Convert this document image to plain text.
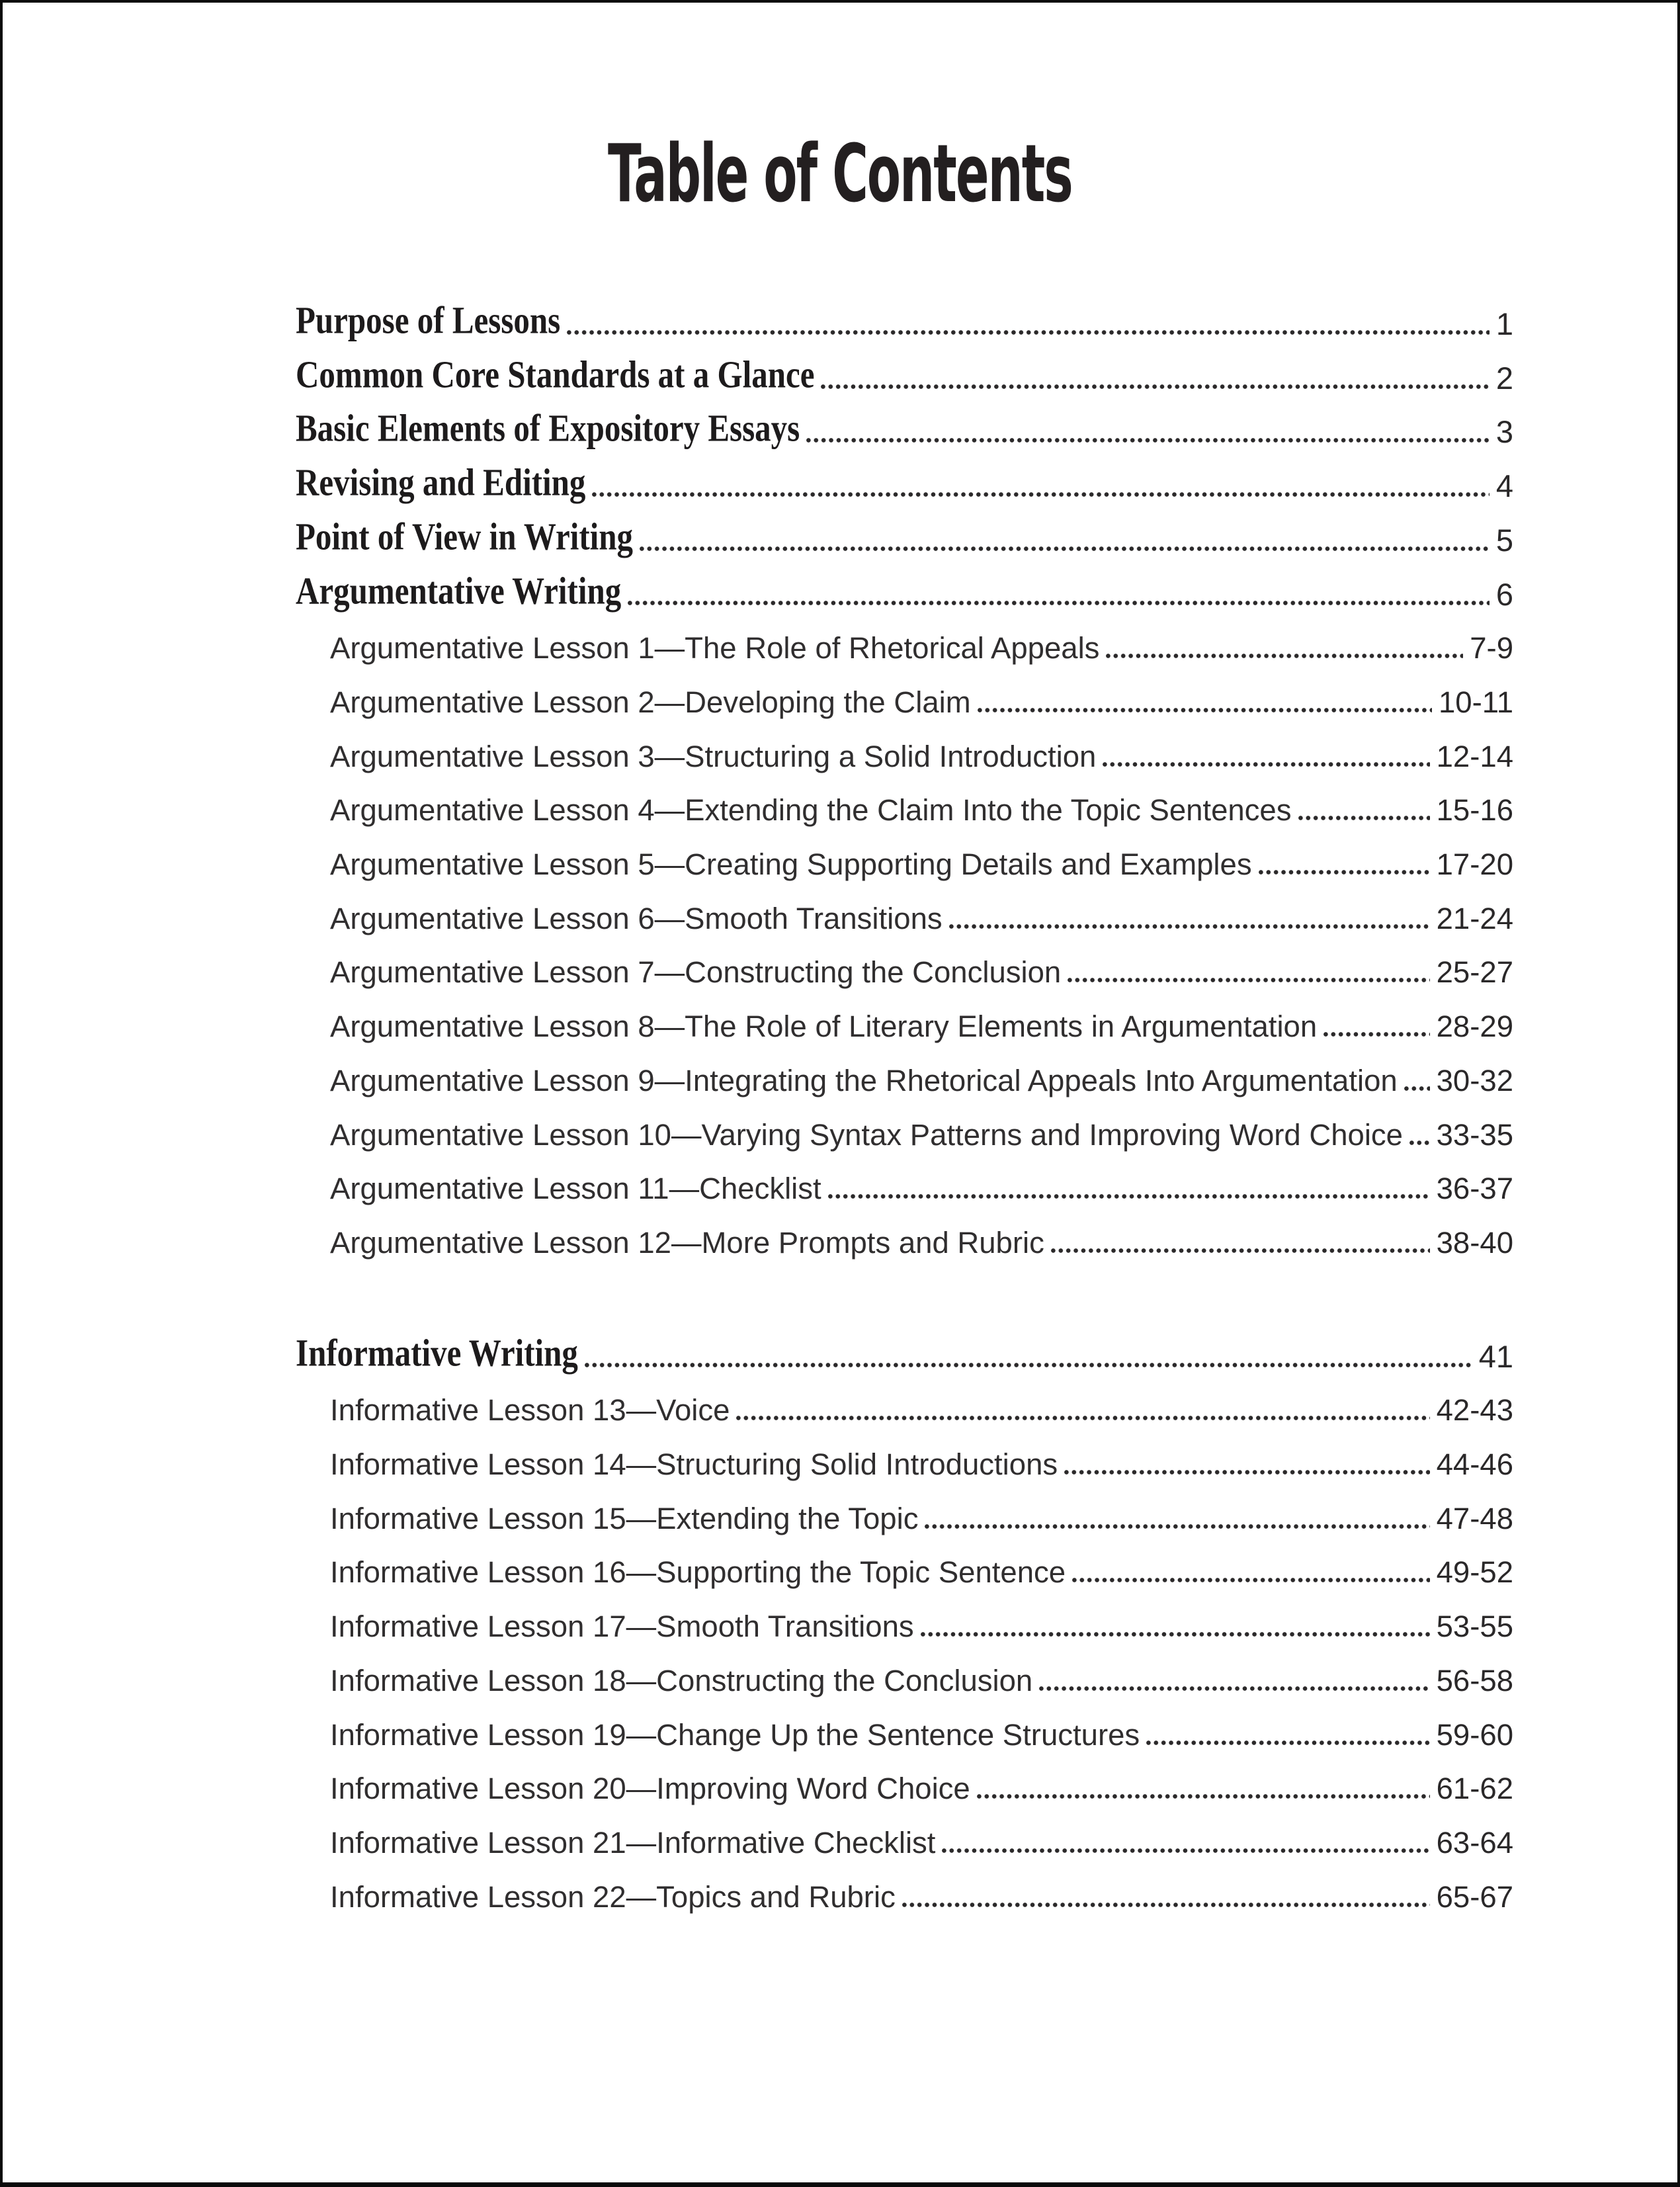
Table of Contents
Purpose of Lessons	1
Common Core Standards at a Glance	2
Basic Elements of Expository Essays	3
Revising and Editing	4
Point of View in Writing	5
Argumentative Writing	6
Argumentative Lesson 1—The Role of Rhetorical Appeals	7-9
Argumentative Lesson 2—Developing the Claim	10-11
Argumentative Lesson 3—Structuring a Solid Introduction	12-14
Argumentative Lesson 4—Extending the Claim Into the Topic Sentences	15-16
Argumentative Lesson 5—Creating Supporting Details and Examples	17-20
Argumentative Lesson 6—Smooth Transitions	21-24
Argumentative Lesson 7—Constructing the Conclusion	25-27
Argumentative Lesson 8—The Role of Literary Elements in Argumentation	28-29
Argumentative Lesson 9—Integrating the Rhetorical Appeals Into Argumentation 30-32
Argumentative Lesson 10—Varying Syntax Patterns and Improving Word Choice 33-35
Argumentative Lesson 11—Checklist	36-37
Argumentative Lesson 12—More Prompts and Rubric	38-40
Informative Writing	41
Informative Lesson 13—Voice	42-43
Informative Lesson 14—Structuring Solid Introductions	44-46
Informative Lesson 15—Extending the Topic	47-48
Informative Lesson 16—Supporting the Topic Sentence	49-52
Informative Lesson 17—Smooth Transitions	53-55
Informative Lesson 18—Constructing the Conclusion	56-58
Informative Lesson 19—Change Up the Sentence Structures	59-60
Informative Lesson 20—Improving Word Choice	61-62
Informative Lesson 21—Informative Checklist	63-64
Informative Lesson 22—Topics and Rubric	65-67
